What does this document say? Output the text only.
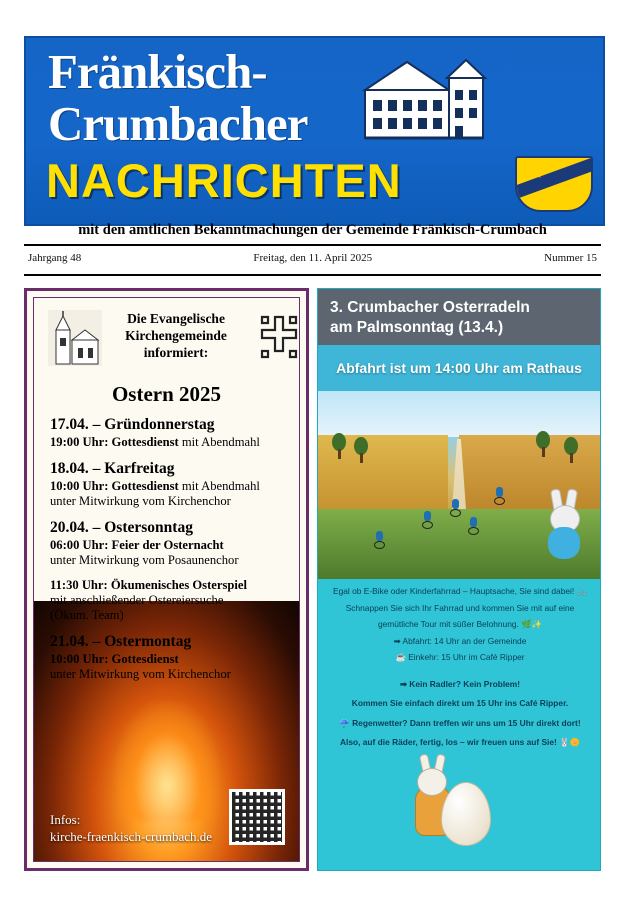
Fränkisch-
Crumbacher
NACHRICHTEN	★
★
mit den amtlichen Bekanntmachungen der Gemeinde Fränkisch-Crumbach
Jahrgang 48	Freitag, den 11. April 2025	Nummer 15
Die Evangelische
Kirchengemeinde
informiert:
Ostern 2025
17.04. – Gründonnerstag
19:00 Uhr: Gottesdienst mit Abendmahl
18.04. – Karfreitag
10:00 Uhr: Gottesdienst mit Abendmahl
unter Mitwirkung vom Kirchenchor
20.04. – Ostersonntag
06:00 Uhr: Feier der Osternacht
unter Mitwirkung vom Posaunenchor
11:30 Uhr: Ökumenisches Osterspiel
mit anschließender Ostereiersuche
(Ökum. Team)
21.04. – Ostermontag
10:00 Uhr: Gottesdienst
unter Mitwirkung vom Kirchenchor
Infos:
kirche-fraenkisch-crumbach.de
3. Crumbacher Osterradeln
am Palmsonntag (13.4.)
Abfahrt ist um 14:00 Uhr am Rathaus

Egal ob E-Bike oder Kinderfahrrad – Hauptsache, Sie sind dabei! 🚲

Schnappen Sie sich Ihr Fahrrad und kommen Sie mit auf eine

gemütliche Tour mit süßer Belohnung. 🌿✨

➡ Abfahrt: 14 Uhr an der Gemeinde

☕ Einkehr: 15 Uhr im Café Ripper

➡ Kein Radler? Kein Problem!

Kommen Sie einfach direkt um 15 Uhr ins Café Ripper.

☔ Regenwetter? Dann treffen wir uns um 15 Uhr direkt dort!

Also, auf die Räder, fertig, los – wir freuen uns auf Sie! 🐰🌼
